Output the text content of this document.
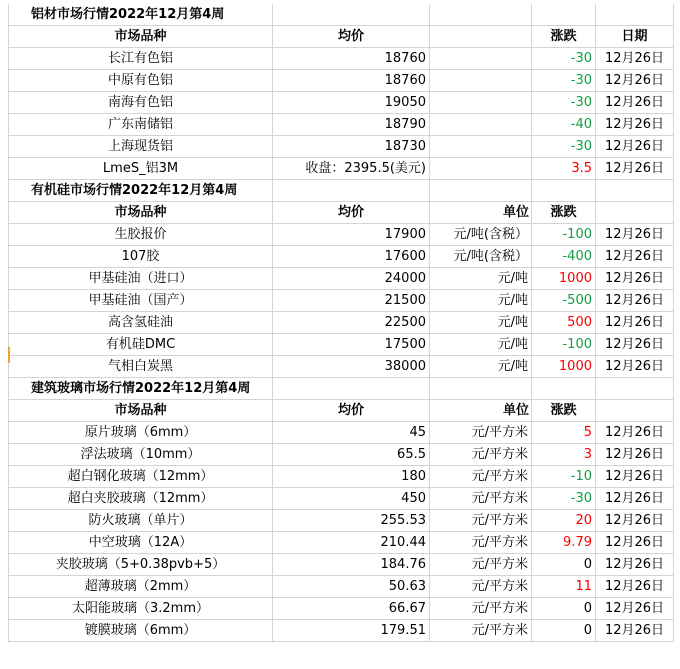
铝材市场行情2022年12月第4周
市场品种	均价	涨跌	日期
长江有色铝	18760	-30 12月26日
中原有色铝	18760	-30 12月26日
南海有色铝	19050	-30 12月26日
广东南储铝	18790	-40 12月26日
上海现货铝	18730	-30 12月26日
LmeS_铝3M	收盘：2395.5(美元)	3.5 12月26日
有机硅市场行情2022年12月第4周
市场品种	均价	单位	涨跌
生胶报价	17900	元/吨(含税）	-100 12月26日
107胶	17600	元/吨(含税）	-400 12月26日
甲基硅油（进口）	24000	元/吨	1000 12月26日
甲基硅油（国产）	21500	元/吨	-500 12月26日
高含氢硅油	22500	元/吨	500 12月26日
有机硅DMC	17500	元/吨	-100 12月26日
气相白炭黑	38000	元/吨	1000 12月26日
建筑玻璃市场行情2022年12月第4周
市场品种	均价	单位	涨跌
原片玻璃（6mm）	45	元/平方米	5 12月26日
浮法玻璃（10mm）	65.5	元/平方米	3 12月26日
超白钢化玻璃（12mm）	180	元/平方米	-10 12月26日
超白夹胶玻璃（12mm）	450	元/平方米	-30 12月26日
防火玻璃（单片）	255.53	元/平方米	20 12月26日
中空玻璃（12A）	210.44	元/平方米	9.79 12月26日
夹胶玻璃（5+0.38pvb+5）	184.76	元/平方米	0 12月26日
超薄玻璃（2mm）	50.63	元/平方米	11 12月26日
太阳能玻璃（3.2mm）	66.67	元/平方米	0 12月26日
镀膜玻璃（6mm）	179.51	元/平方米	0 12月26日
